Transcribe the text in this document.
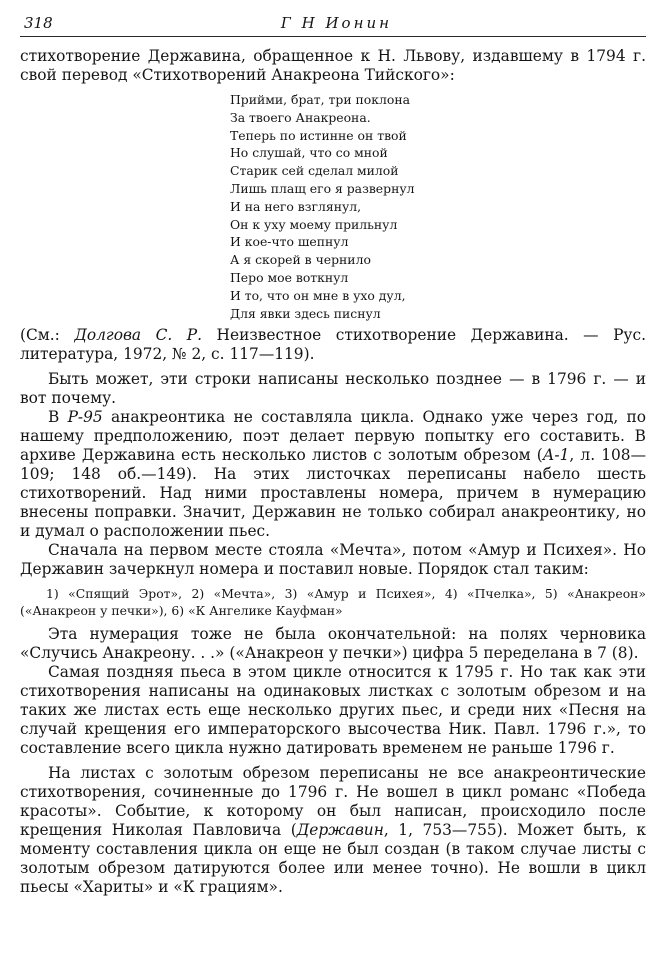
318	Г Н Ионин

стихотворение Державина, обращенное к Н. Львову, издавшему в 1794 г. свой перевод «Стихотворений Анакреона Тийского»:

Прийми, брат, три поклона
За твоего Анакреона.
Теперь по истинне он твой
Но слушай, что со мной
Старик сей сделал милой
Лишь плащ его я развернул
И на него взглянул,
Он к уху моему прильнул
И кое-что шепнул
А я скорей в чернило
Перо мое воткнул
И то, что он мне в ухо дул,
Для явки здесь писнул

(См.: Долгова С. Р. Неизвестное стихотворение Державина. — Рус. литература, 1972, № 2, с. 117—119).

Быть может, эти строки написаны несколько позднее — в 1796 г. — и вот почему.

В Р-95 анакреонтика не составляла цикла. Однако уже через год, по нашему предположению, поэт делает первую попытку его составить. В архиве Державина есть несколько листов с золотым обрезом (А-1, л. 108—109; 148 об.—149). На этих листочках переписаны набело шесть стихотворений. Над ними проставлены номера, причем в нумерацию внесены поправки. Значит, Державин не только собирал анакреонтику, но и думал о расположении пьес.

Сначала на первом месте стояла «Мечта», потом «Амур и Психея». Но Державин зачеркнул номера и поставил новые. Порядок стал таким:

1) «Спящий Эрот», 2) «Мечта», 3) «Амур и Психея», 4) «Пчелка», 5) «Анакреон» («Анакреон у печки»), 6) «К Ангелике Кауфман»

Эта нумерация тоже не была окончательной: на полях черновика «Случись Анакреону. . .» («Анакреон у печки») цифра 5 переделана в 7 (8).

Самая поздняя пьеса в этом цикле относится к 1795 г. Но так как эти стихотворения написаны на одинаковых листках с золотым обрезом и на таких же листах есть еще несколько других пьес, и среди них «Песня на случай крещения его императорского высочества Ник. Павл. 1796 г.», то составление всего цикла нужно датировать временем не раньше 1796 г.

На листах с золотым обрезом переписаны не все анакреонтические стихотворения, сочиненные до 1796 г. Не вошел в цикл романс «Победа красоты». Событие, к которому он был написан, происходило после крещения Николая Павловича (Державин, 1, 753—755). Может быть, к моменту составления цикла он еще не был создан (в таком случае листы с золотым обрезом датируются более или менее точно). Не вошли в цикл пьесы «Хариты» и «К грациям».
